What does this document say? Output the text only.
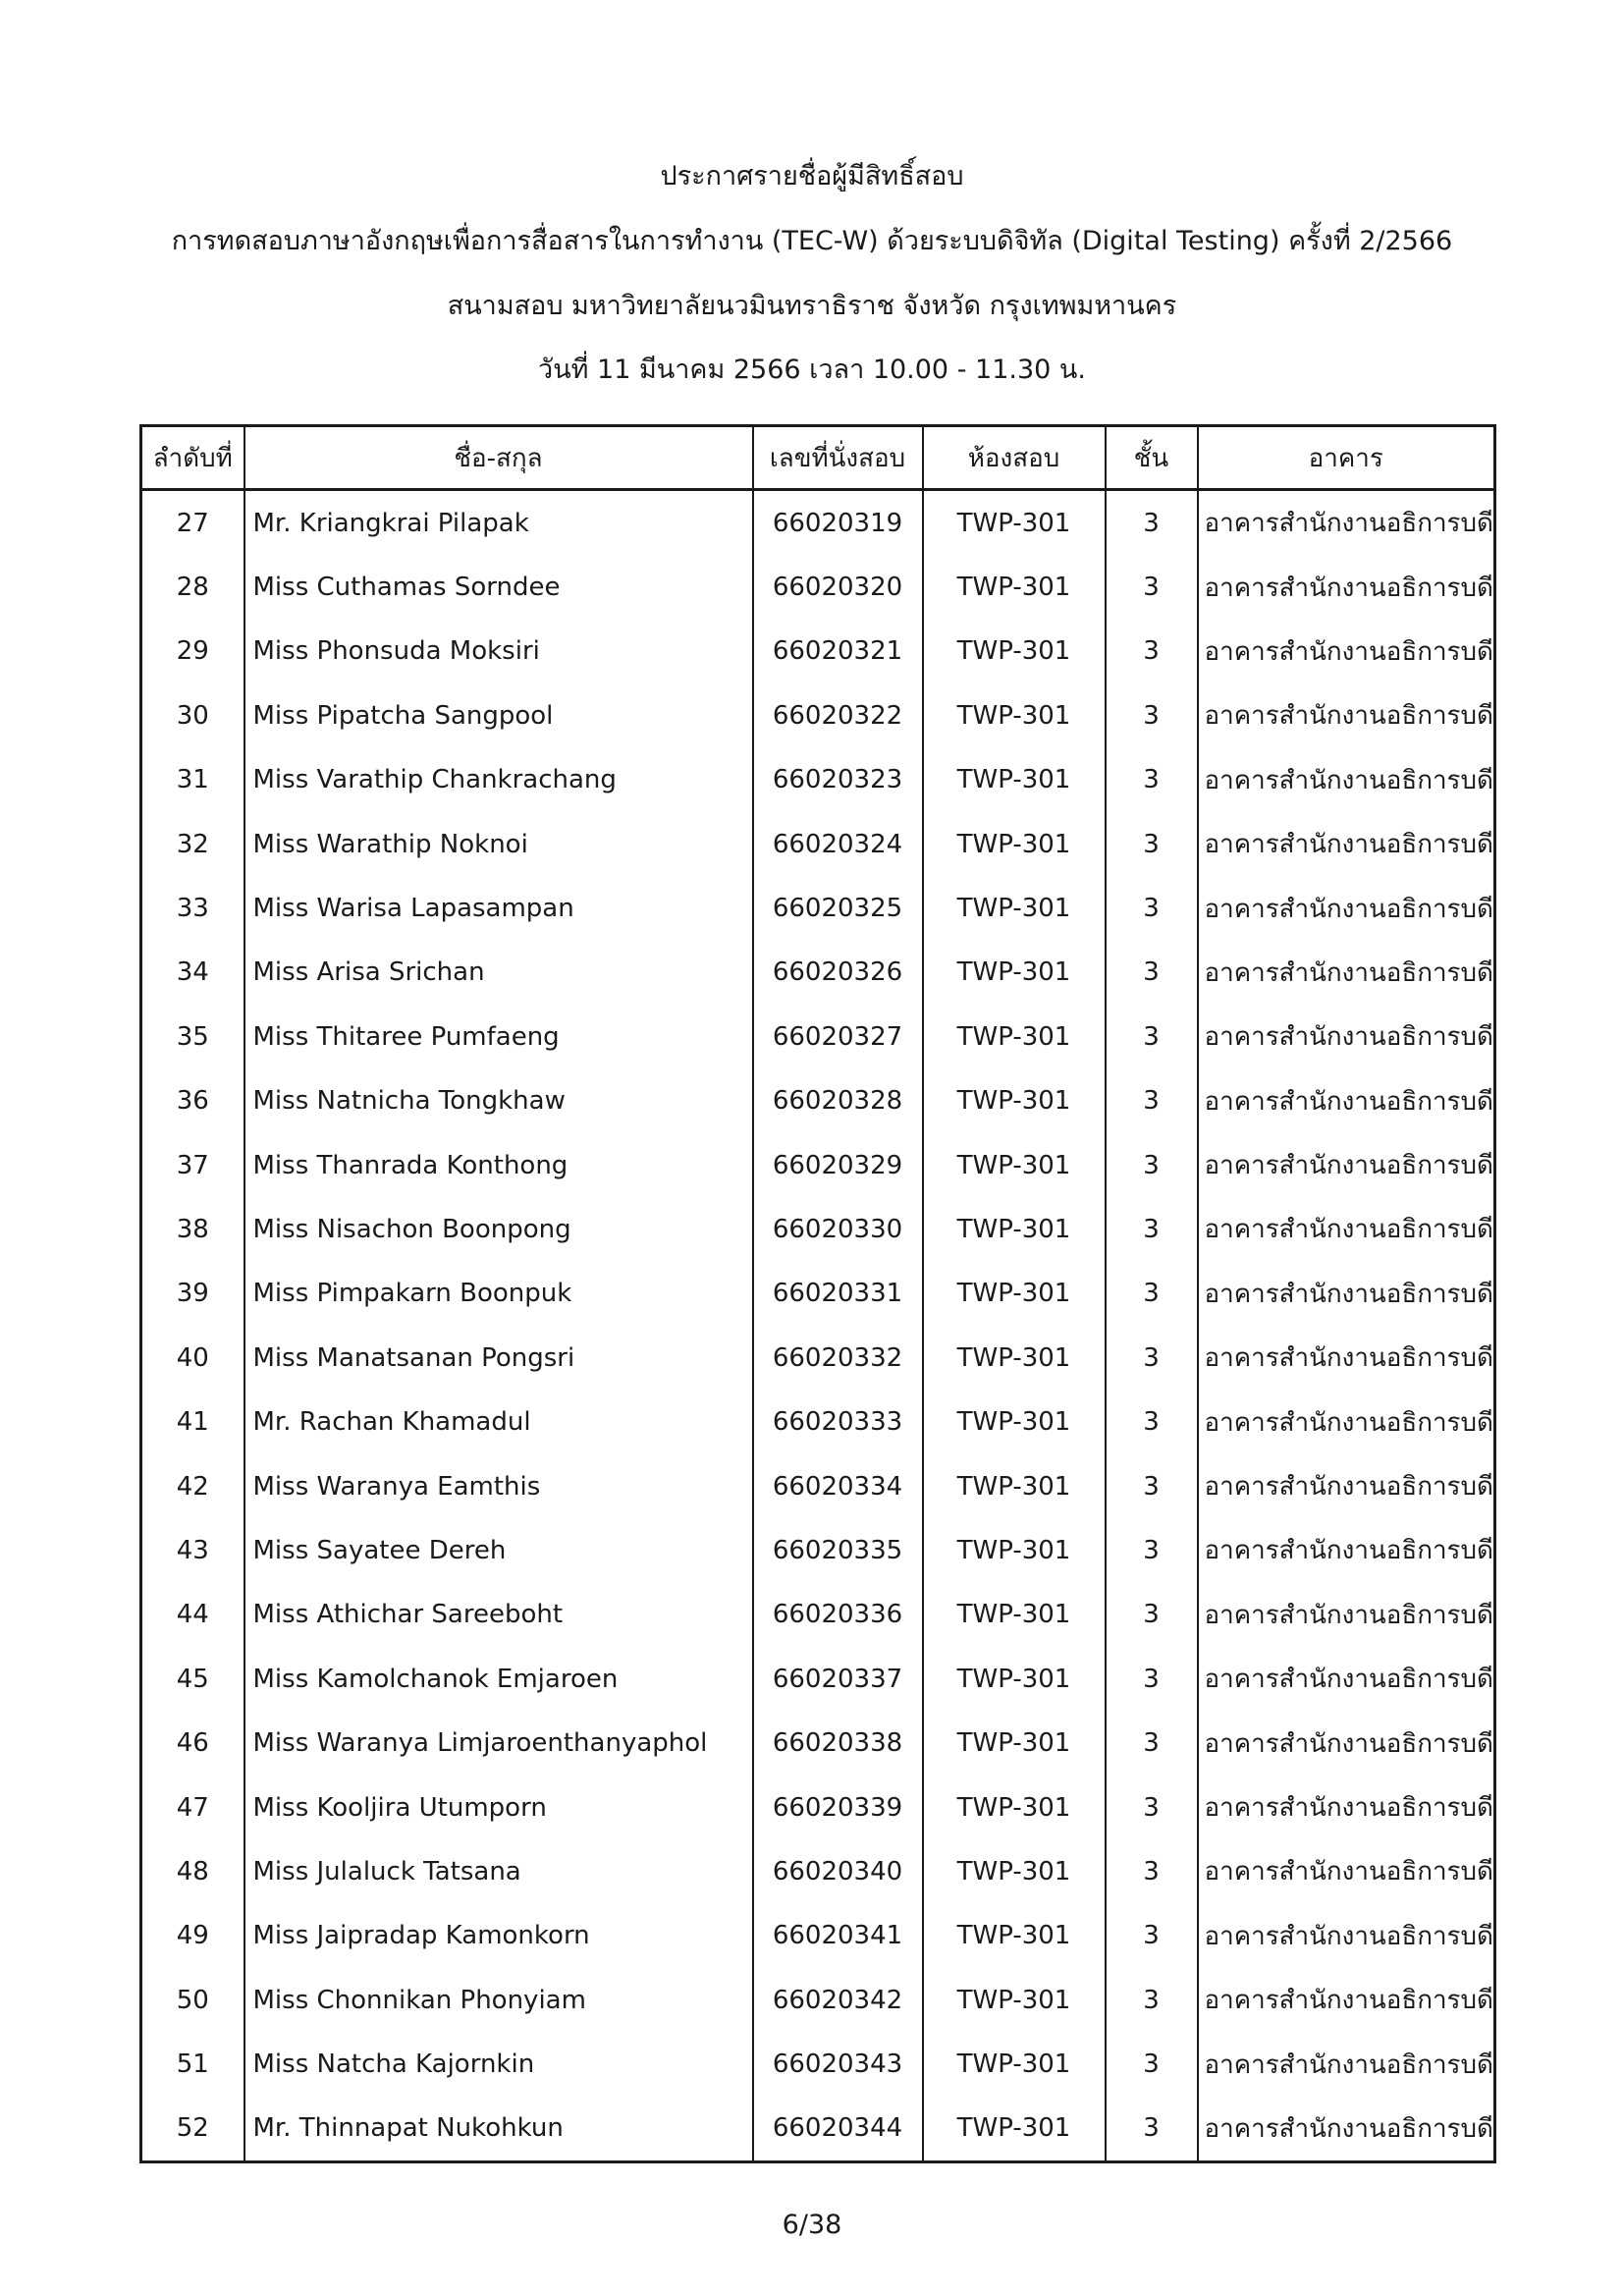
ประกาศรายชื่อผู้มีสิทธิ์สอบ
การทดสอบภาษาอังกฤษเพื่อการสื่อสารในการทำงาน (TEC-W) ด้วยระบบดิจิทัล (Digital Testing) ครั้งที่ 2/2566
สนามสอบ มหาวิทยาลัยนวมินทราธิราช จังหวัด กรุงเทพมหานคร
วันที่ 11 มีนาคม 2566 เวลา 10.00 - 11.30 น.
ลำดับที่	ชื่อ-สกุล	เลขที่นั่งสอบ	ห้องสอบ	ชั้น	อาคาร
27	Mr. Kriangkrai Pilapak	66020319	TWP-301	3	อาคารสำนักงานอธิการบดี
28	Miss Cuthamas Sorndee	66020320	TWP-301	3	อาคารสำนักงานอธิการบดี
29	Miss Phonsuda Moksiri	66020321	TWP-301	3	อาคารสำนักงานอธิการบดี
30	Miss Pipatcha Sangpool	66020322	TWP-301	3	อาคารสำนักงานอธิการบดี
31	Miss Varathip Chankrachang	66020323	TWP-301	3	อาคารสำนักงานอธิการบดี
32	Miss Warathip Noknoi	66020324	TWP-301	3	อาคารสำนักงานอธิการบดี
33	Miss Warisa Lapasampan	66020325	TWP-301	3	อาคารสำนักงานอธิการบดี
34	Miss Arisa Srichan	66020326	TWP-301	3	อาคารสำนักงานอธิการบดี
35	Miss Thitaree Pumfaeng	66020327	TWP-301	3	อาคารสำนักงานอธิการบดี
36	Miss Natnicha Tongkhaw	66020328	TWP-301	3	อาคารสำนักงานอธิการบดี
37	Miss Thanrada Konthong	66020329	TWP-301	3	อาคารสำนักงานอธิการบดี
38	Miss Nisachon Boonpong	66020330	TWP-301	3	อาคารสำนักงานอธิการบดี
39	Miss Pimpakarn Boonpuk	66020331	TWP-301	3	อาคารสำนักงานอธิการบดี
40	Miss Manatsanan Pongsri	66020332	TWP-301	3	อาคารสำนักงานอธิการบดี
41	Mr. Rachan Khamadul	66020333	TWP-301	3	อาคารสำนักงานอธิการบดี
42	Miss Waranya Eamthis	66020334	TWP-301	3	อาคารสำนักงานอธิการบดี
43	Miss Sayatee Dereh	66020335	TWP-301	3	อาคารสำนักงานอธิการบดี
44	Miss Athichar Sareeboht	66020336	TWP-301	3	อาคารสำนักงานอธิการบดี
45	Miss Kamolchanok Emjaroen	66020337	TWP-301	3	อาคารสำนักงานอธิการบดี
46	Miss Waranya Limjaroenthanyaphol	66020338	TWP-301	3	อาคารสำนักงานอธิการบดี
47	Miss Kooljira Utumporn	66020339	TWP-301	3	อาคารสำนักงานอธิการบดี
48	Miss Julaluck Tatsana	66020340	TWP-301	3	อาคารสำนักงานอธิการบดี
49	Miss Jaipradap Kamonkorn	66020341	TWP-301	3	อาคารสำนักงานอธิการบดี
50	Miss Chonnikan Phonyiam	66020342	TWP-301	3	อาคารสำนักงานอธิการบดี
51	Miss Natcha Kajornkin	66020343	TWP-301	3	อาคารสำนักงานอธิการบดี
52	Mr. Thinnapat Nukohkun	66020344	TWP-301	3	อาคารสำนักงานอธิการบดี
6/38
